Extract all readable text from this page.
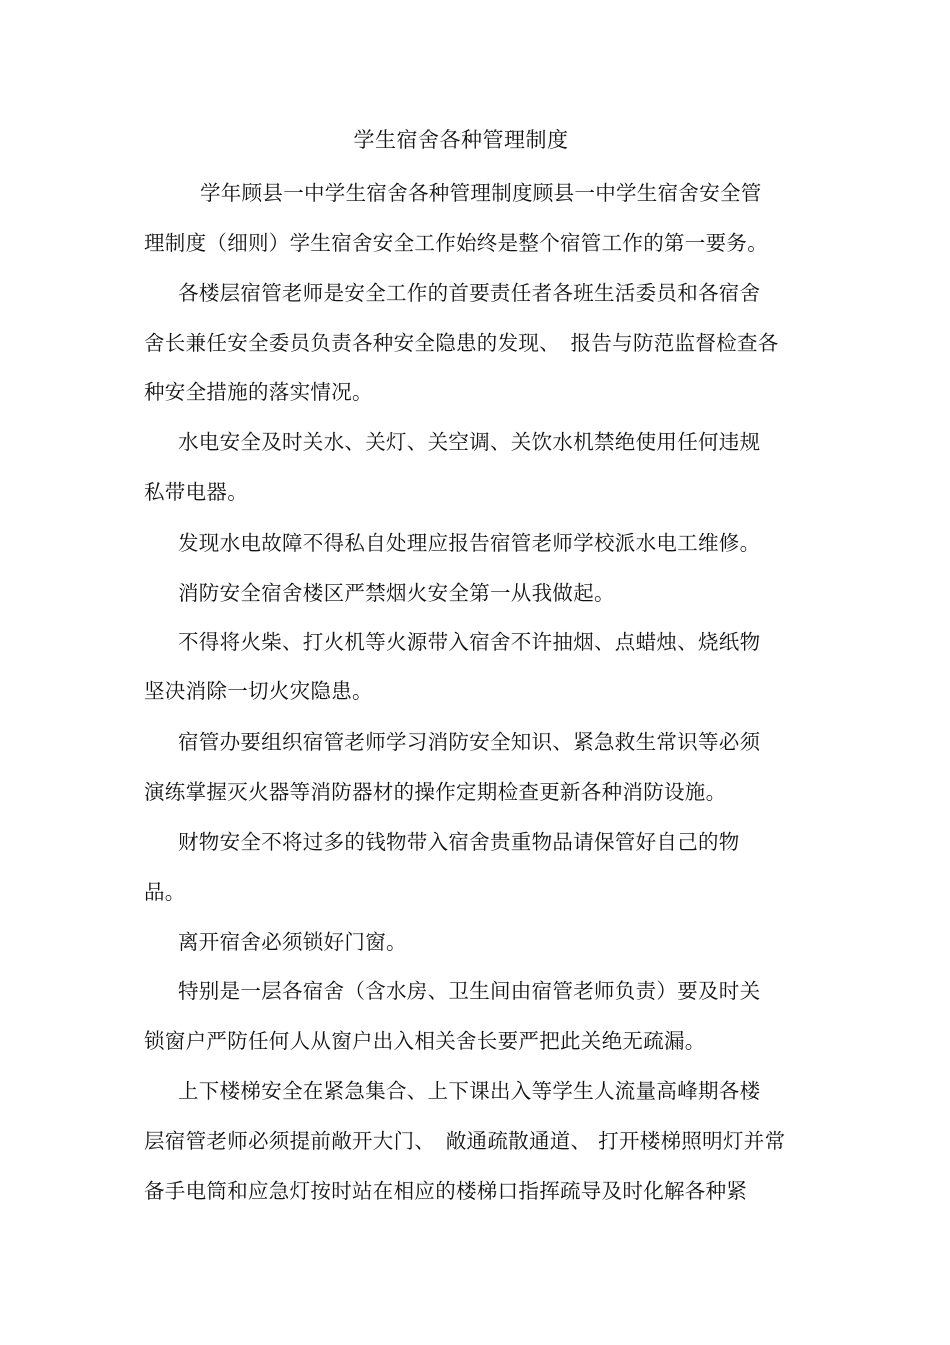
学生宿舍各种管理制度
学年顾县一中学生宿舍各种管理制度顾县一中学生宿舍安全管
理制度（细则）学生宿舍安全工作始终是整个宿管工作的第一要务。
各楼层宿管老师是安全工作的首要责任者各班生活委员和各宿舍
舍长兼任安全委员负责各种安全隐患的发现、　报告与防范监督检查各
种安全措施的落实情况。
水电安全及时关水、关灯、关空调、关饮水机禁绝使用任何违规
私带电器。
发现水电故障不得私自处理应报告宿管老师学校派水电工维修。
消防安全宿舍楼区严禁烟火安全第一从我做起。
不得将火柴、打火机等火源带入宿舍不许抽烟、点蜡烛、烧纸物
坚决消除一切火灾隐患。
宿管办要组织宿管老师学习消防安全知识、紧急救生常识等必须
演练掌握灭火器等消防器材的操作定期检查更新各种消防设施。
财物安全不将过多的钱物带入宿舍贵重物品请保管好自己的物
品。
离开宿舍必须锁好门窗。
特别是一层各宿舍（含水房、卫生间由宿管老师负责）要及时关
锁窗户严防任何人从窗户出入相关舍长要严把此关绝无疏漏。
上下楼梯安全在紧急集合、上下课出入等学生人流量高峰期各楼
层宿管老师必须提前敞开大门、　敞通疏散通道、 打开楼梯照明灯并常
备手电筒和应急灯按时站在相应的楼梯口指挥疏导及时化解各种紧
